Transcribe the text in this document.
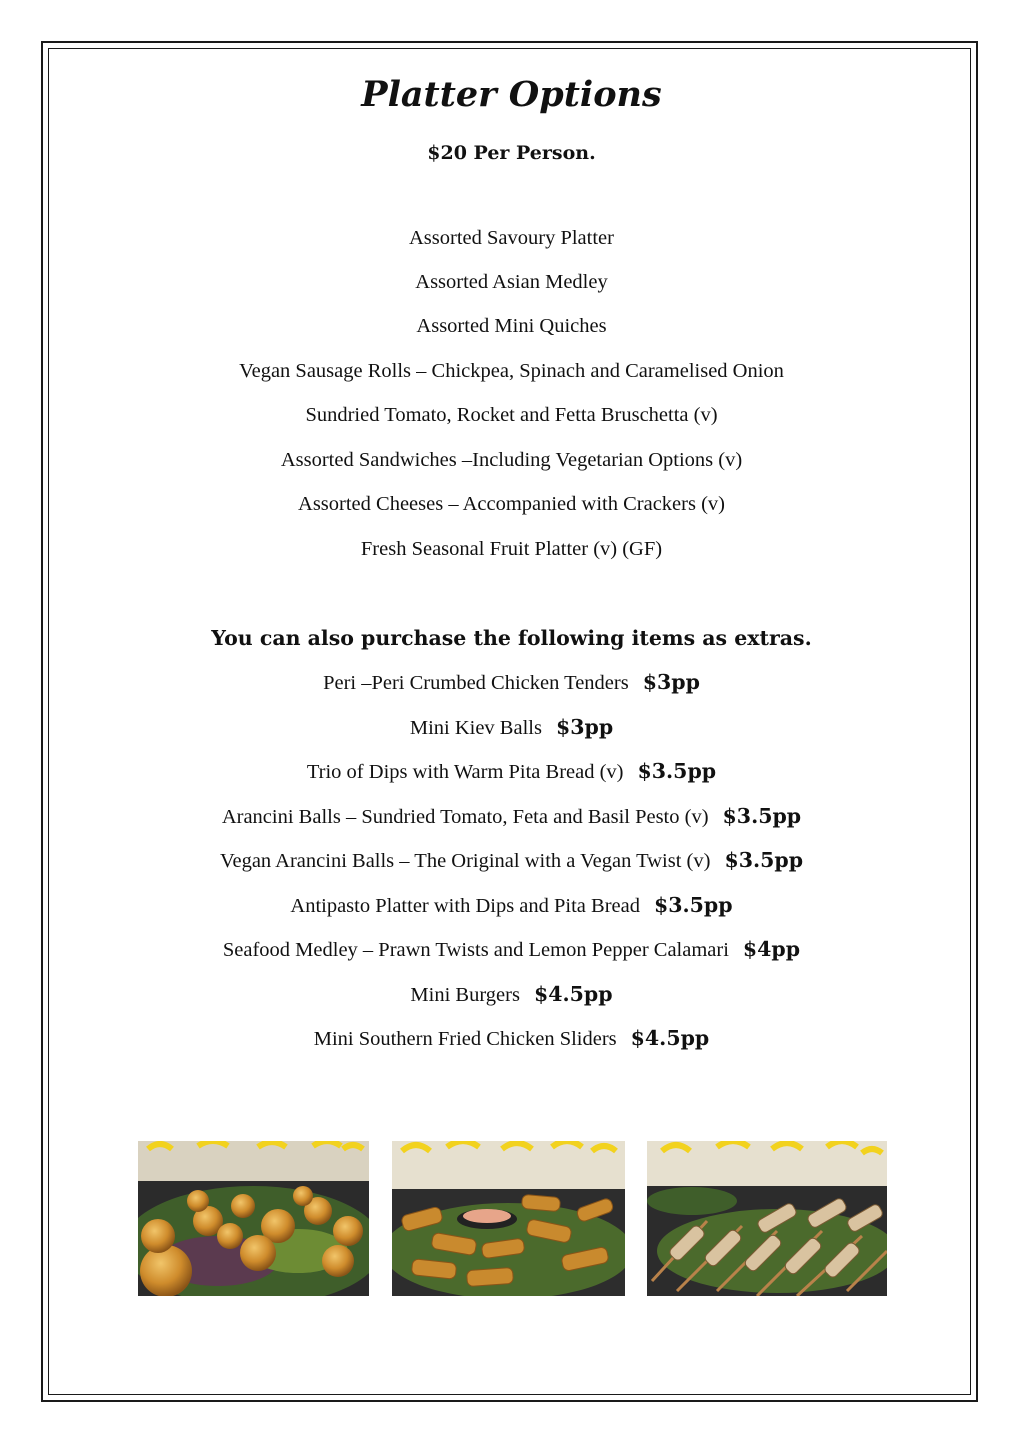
Platter Options
$20 Per Person.
Assorted Savoury Platter
Assorted Asian Medley
Assorted Mini Quiches
Vegan Sausage Rolls – Chickpea, Spinach and Caramelised Onion
Sundried Tomato, Rocket and Fetta Bruschetta (v)
Assorted Sandwiches –Including Vegetarian Options (v)
Assorted Cheeses – Accompanied with Crackers (v)
Fresh Seasonal Fruit Platter (v) (GF)
You can also purchase the following items as extras.
Peri –Peri Crumbed Chicken Tenders $3pp
Mini Kiev Balls $3pp
Trio of Dips with Warm Pita Bread (v) $3.5pp
Arancini Balls – Sundried Tomato, Feta and Basil Pesto (v) $3.5pp
Vegan Arancini Balls – The Original with a Vegan Twist (v) $3.5pp
Antipasto Platter with Dips and Pita Bread $3.5pp
Seafood Medley – Prawn Twists and Lemon Pepper Calamari $4pp
Mini Burgers $4.5pp
Mini Southern Fried Chicken Sliders $4.5pp
